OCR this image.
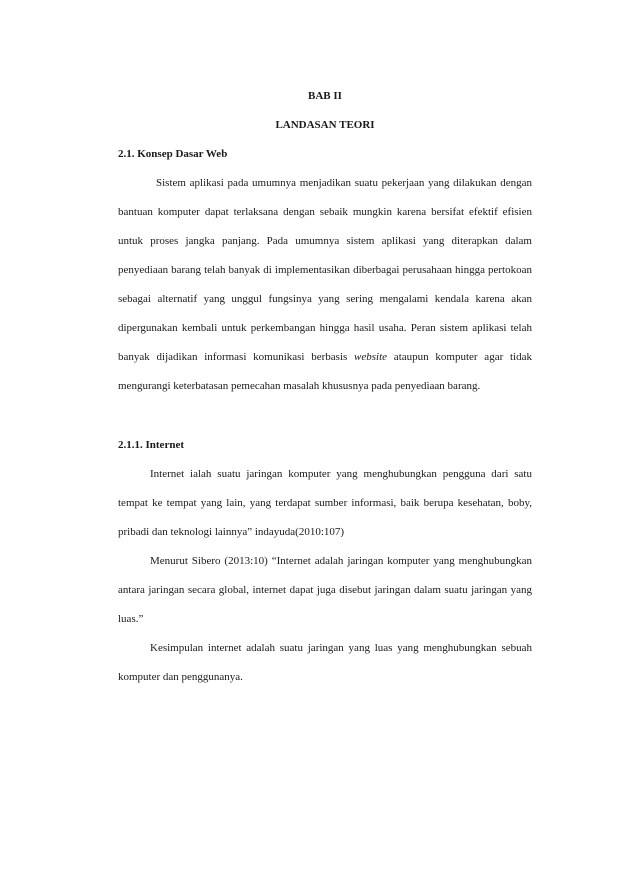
BAB II

LANDASAN TEORI

2.1. Konsep Dasar Web

Sistem aplikasi pada umumnya menjadikan suatu pekerjaan yang dilakukan dengan bantuan komputer dapat terlaksana dengan sebaik mungkin karena bersifat efektif efisien untuk proses jangka panjang. Pada umumnya sistem aplikasi yang diterapkan dalam penyediaan barang telah banyak di implementasikan diberbagai perusahaan hingga pertokoan sebagai alternatif yang unggul fungsinya yang sering mengalami kendala karena akan dipergunakan kembali untuk perkembangan hingga hasil usaha. Peran sistem aplikasi telah banyak dijadikan informasi komunikasi berbasis website ataupun komputer agar tidak mengurangi keterbatasan pemecahan masalah khususnya pada penyediaan barang.

2.1.1. Internet

Internet ialah suatu jaringan komputer yang menghubungkan pengguna dari satu tempat ke tempat yang lain, yang terdapat sumber informasi, baik berupa kesehatan, boby, pribadi dan teknologi lainnya” indayuda(2010:107)

Menurut Sibero (2013:10) “Internet adalah jaringan komputer yang menghubungkan antara jaringan secara global, internet dapat juga disebut jaringan dalam suatu jaringan yang luas.”

Kesimpulan internet adalah suatu jaringan yang luas yang menghubungkan sebuah komputer dan penggunanya.
